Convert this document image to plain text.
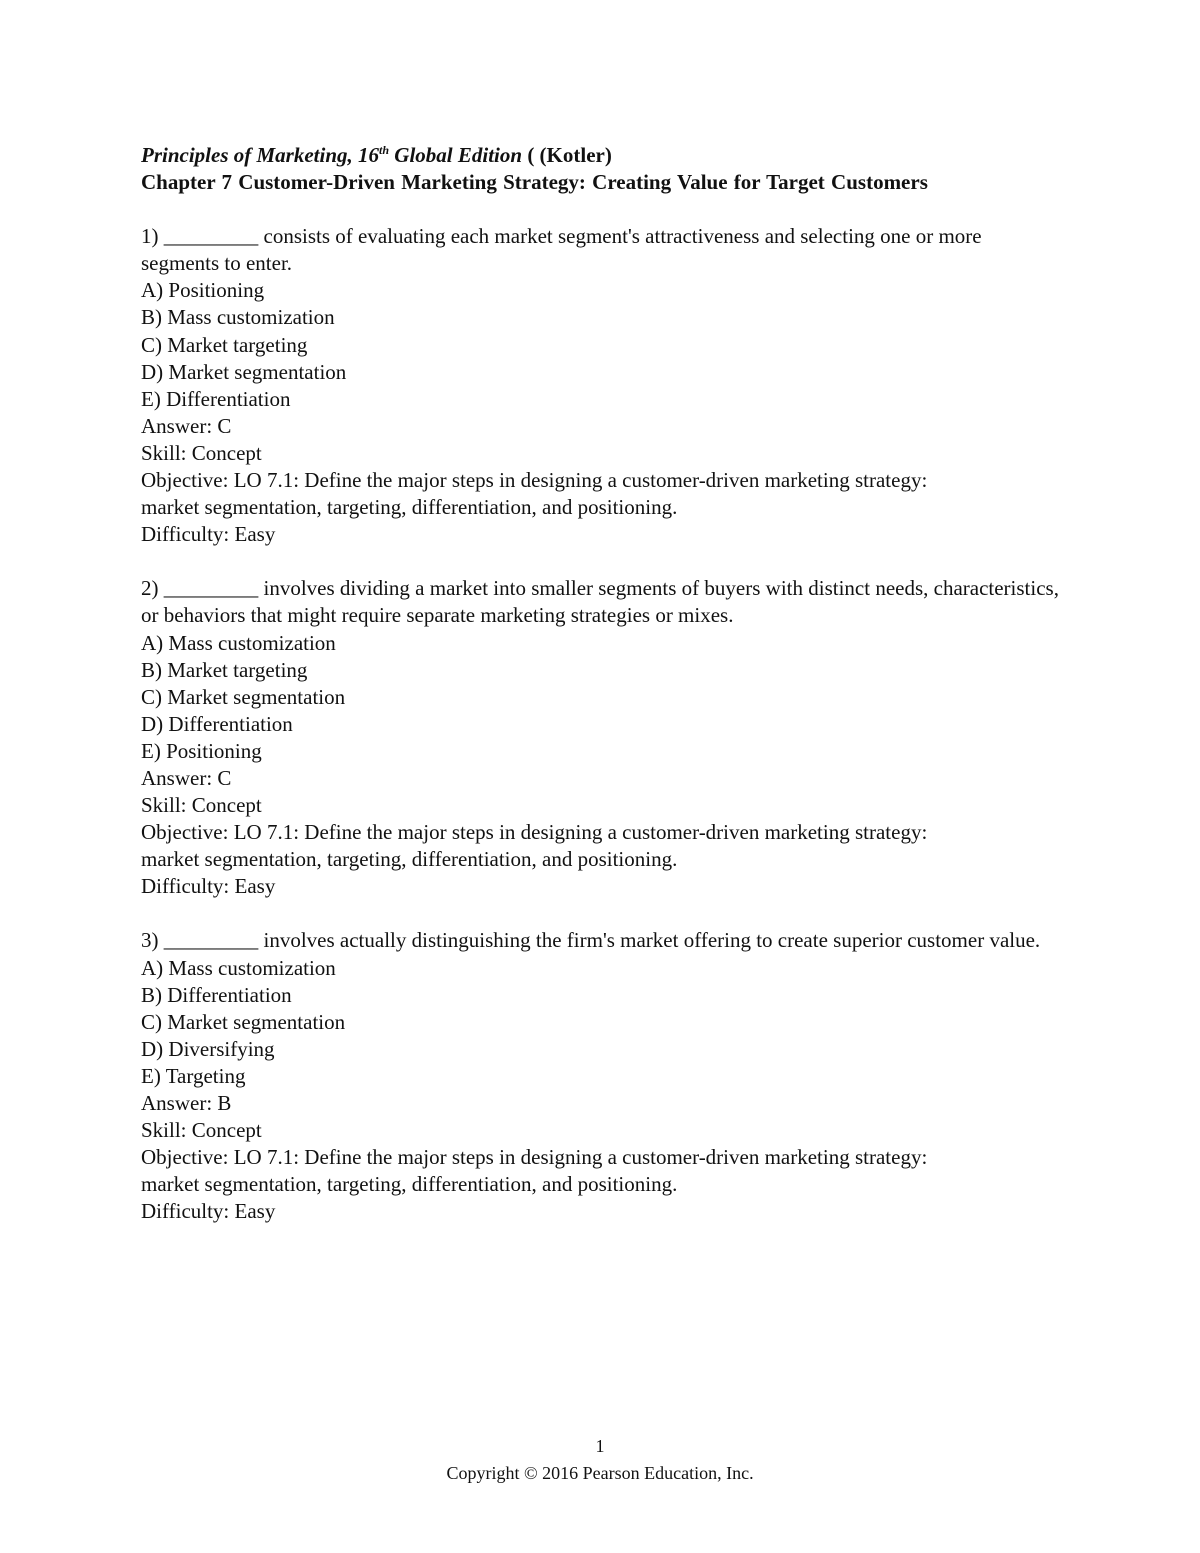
Principles of Marketing, 16th Global Edition ( (Kotler)
Chapter 7 Customer-Driven Marketing Strategy: Creating Value for Target Customers
1) _________ consists of evaluating each market segment's attractiveness and selecting one or more segments to enter.
A) Positioning
B) Mass customization
C) Market targeting
D) Market segmentation
E) Differentiation
Answer: C
Skill: Concept
Objective: LO 7.1: Define the major steps in designing a customer-driven marketing strategy:
market segmentation, targeting, differentiation, and positioning.
Difficulty: Easy
2) _________ involves dividing a market into smaller segments of buyers with distinct needs, characteristics, or behaviors that might require separate marketing strategies or mixes.
A) Mass customization
B) Market targeting
C) Market segmentation
D) Differentiation
E) Positioning
Answer: C
Skill: Concept
Objective: LO 7.1: Define the major steps in designing a customer-driven marketing strategy:
market segmentation, targeting, differentiation, and positioning.
Difficulty: Easy
3) _________ involves actually distinguishing the firm's market offering to create superior customer value.
A) Mass customization
B) Differentiation
C) Market segmentation
D) Diversifying
E) Targeting
Answer: B
Skill: Concept
Objective: LO 7.1: Define the major steps in designing a customer-driven marketing strategy:
market segmentation, targeting, differentiation, and positioning.
Difficulty: Easy
1
Copyright © 2016 Pearson Education, Inc.
